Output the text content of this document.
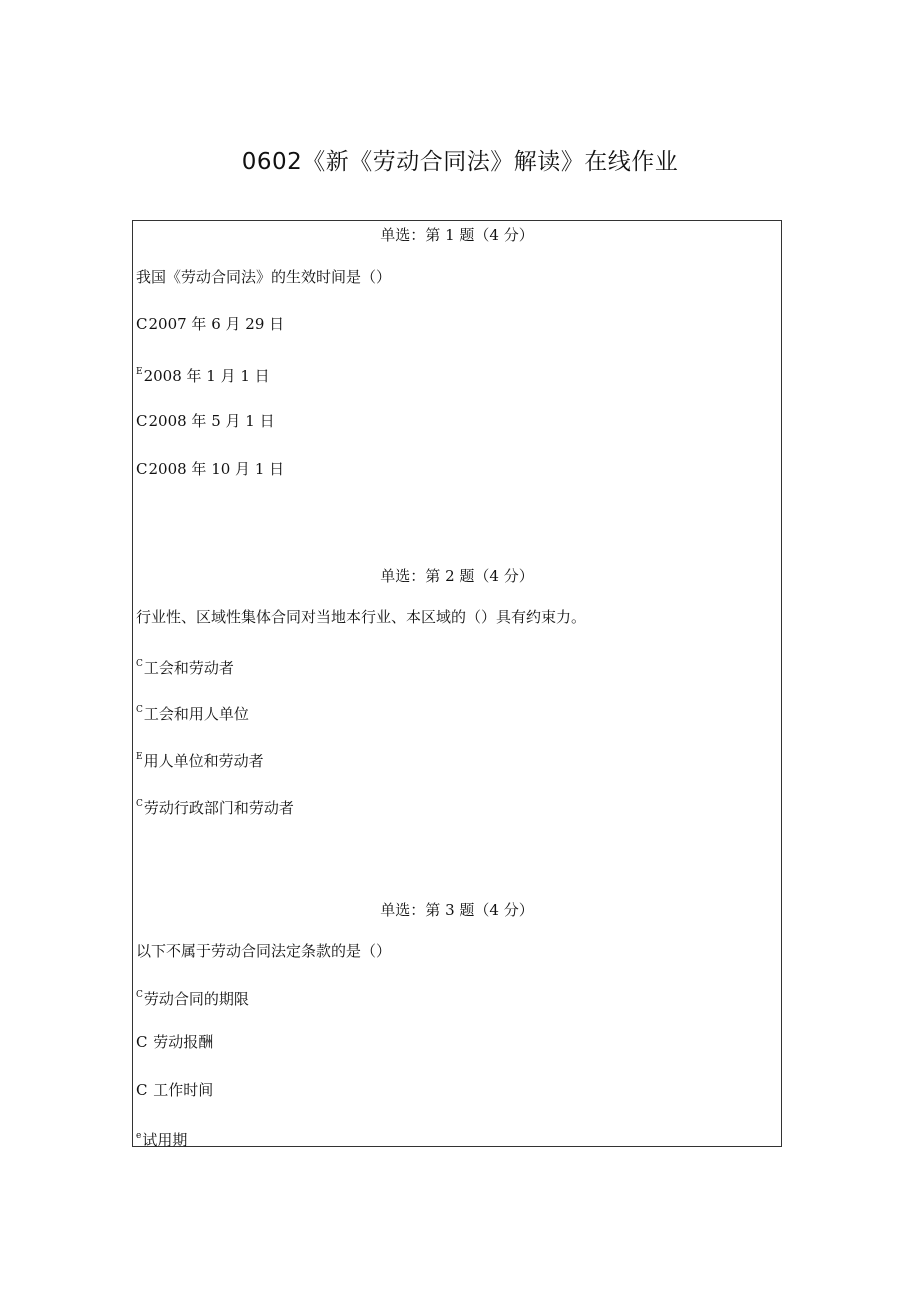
0602《新《劳动合同法》解读》在线作业
单选：第 1 题（4 分）
我国《劳动合同法》的生效时间是（）
C2007 年 6 月 29 日
E2008 年 1 月 1 日
C2008 年 5 月 1 日
C2008 年 10 月 1 日
单选：第 2 题（4 分）
行业性、区域性集体合同对当地本行业、本区域的（）具有约束力。
C工会和劳动者
C工会和用人单位
E用人单位和劳动者
C劳动行政部门和劳动者
单选：第 3 题（4 分）
以下不属于劳动合同法定条款的是（）
C劳动合同的期限
C 劳动报酬
C 工作时间
e试用期
